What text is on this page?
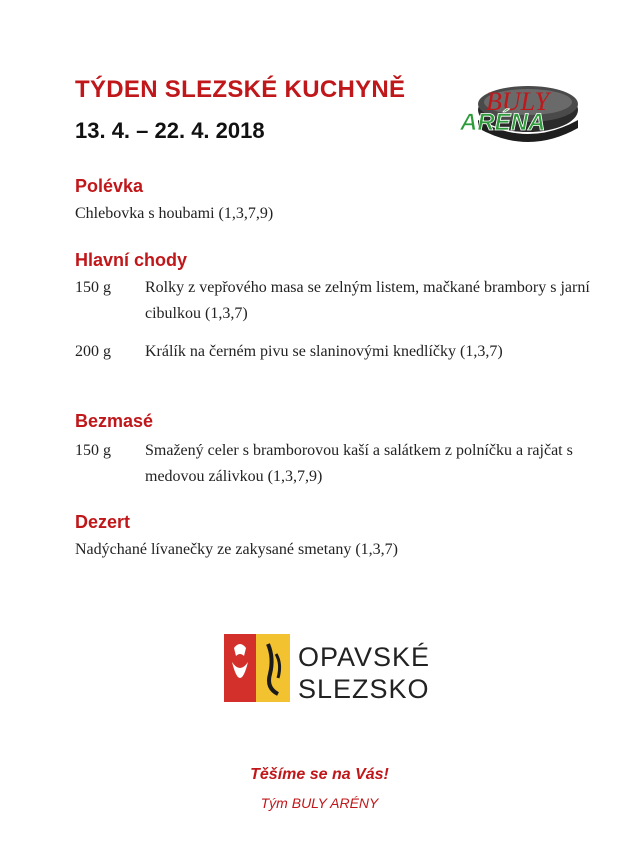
TÝDEN SLEZSKÉ KUCHYNĚ
13. 4. – 22. 4. 2018
BULY
ARÉNA
Polévka
Chlebovka s houbami (1,3,7,9)
Hlavní chody
150 g Rolky z vepřového masa se zelným listem, mačkané brambory s jarní cibulkou (1,3,7)
200 g Králík na černém pivu se slaninovými knedlíčky (1,3,7)
Bezmasé
150 g Smažený celer s bramborovou kaší a salátkem z polníčku a rajčat s medovou zálivkou (1,3,7,9)
Dezert
Nadýchané lívanečky ze zakysané smetany (1,3,7)
OPAVSKÉ
SLEZSKO
Těšíme se na Vás!
Tým BULY ARÉNY
